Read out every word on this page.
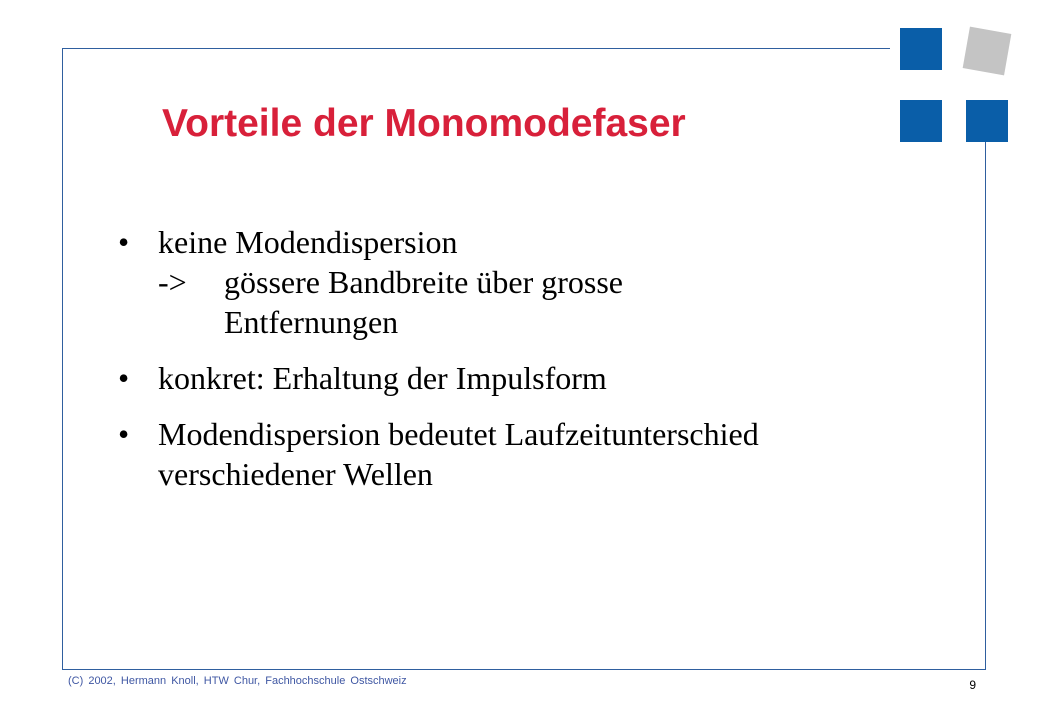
Vorteile der Monomodefaser
• keine Modendispersion
-> gössere Bandbreite über grosse
Entfernungen
• konkret: Erhaltung der Impulsform
• Modendispersion bedeutet Laufzeitunterschied
verschiedener Wellen
(C) 2002, Hermann Knoll, HTW Chur, Fachhochschule Ostschweiz	9
